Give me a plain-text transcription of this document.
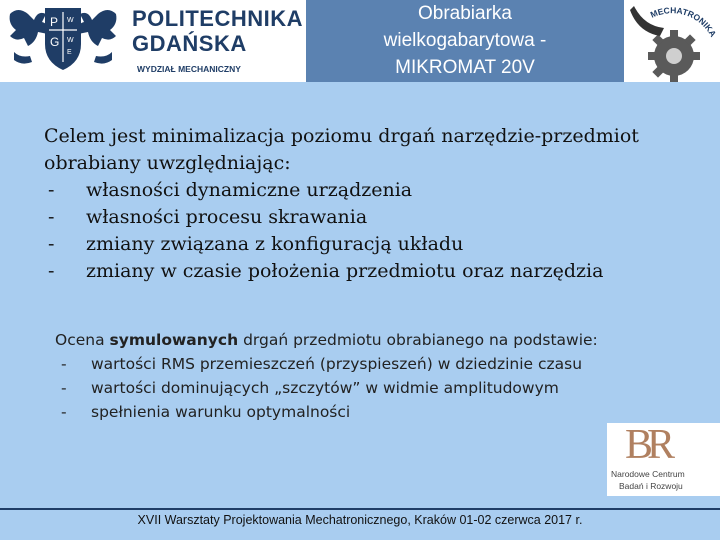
P
G
W
W
E
POLITECHNIKA
GDAŃSKA
WYDZIAŁ MECHANICZNY
Obrabiarka
wielkogabarytowa -
MIKROMAT 20V
MECHATRONIKA
Celem jest minimalizacja poziomu drgań narzędzie-przedmiot
obrabiany uwzględniając:
- własności dynamiczne urządzenia
- własności procesu skrawania
- zmiany związana z konfiguracją układu
- zmiany w czasie położenia przedmiotu oraz narzędzia
Ocena symulowanych drgań przedmiotu obrabianego na podstawie:
- wartości RMS przemieszczeń (przyspieszeń) w dziedzinie czasu
- wartości dominujących „szczytów” w widmie amplitudowym
- spełnienia warunku optymalności
BR
Narodowe Centrum
Badań i Rozwoju
XVII Warsztaty Projektowania Mechatronicznego, Kraków 01-02 czerwca 2017 r.
